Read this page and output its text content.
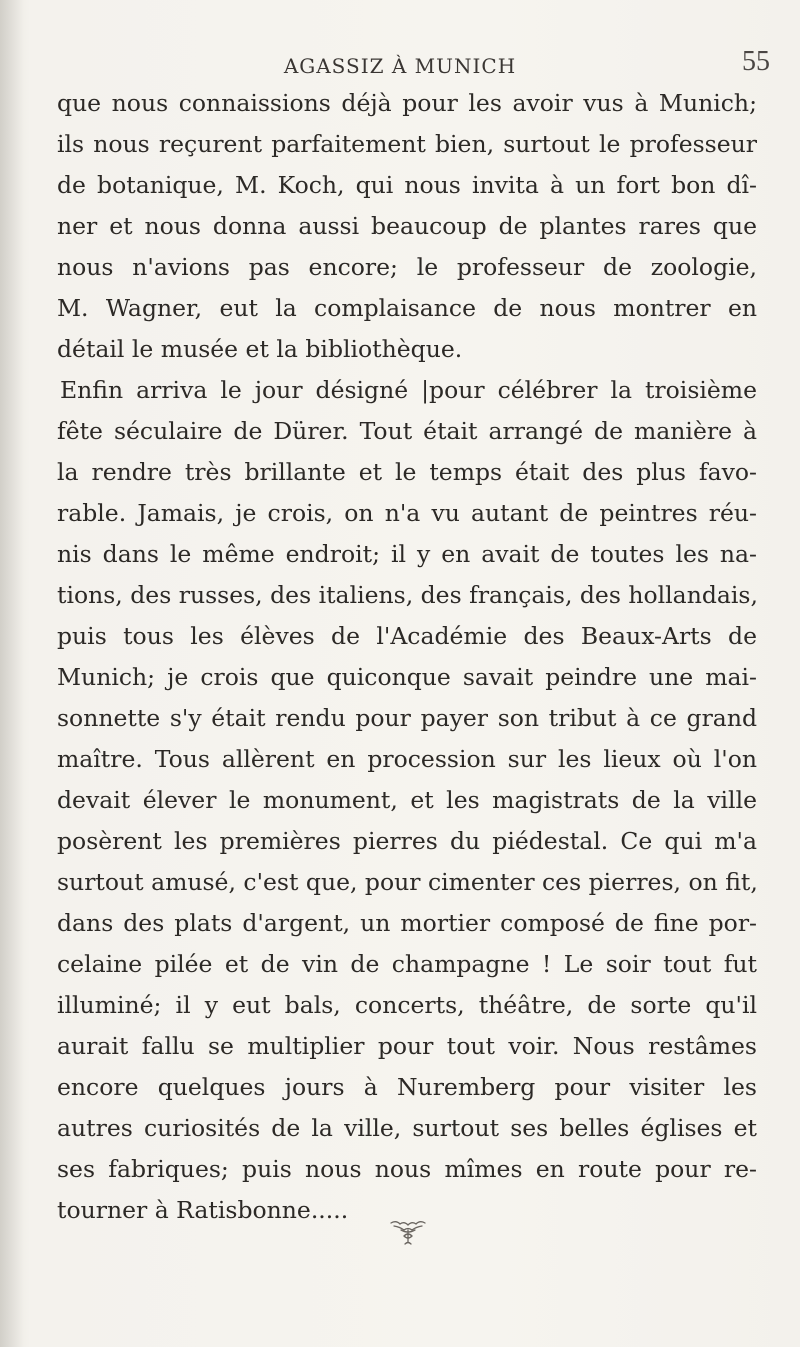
AGASSIZ À MUNICH	55
que nous connaissions déjà pour les avoir vus à Munich;
ils nous reçurent parfaitement bien, surtout le professeur
de botanique, M. Koch, qui nous invita à un fort bon dî-
ner et nous donna aussi beaucoup de plantes rares que
nous n'avions pas encore; le professeur de zoologie,
M. Wagner, eut la complaisance de nous montrer en
détail le musée et la bibliothèque.
Enfin arriva le jour désigné |pour célébrer la troisième
fête séculaire de Dürer. Tout était arrangé de manière à
la rendre très brillante et le temps était des plus favo-
rable. Jamais, je crois, on n'a vu autant de peintres réu-
nis dans le même endroit; il y en avait de toutes les na-
tions, des russes, des italiens, des français, des hollandais,
puis tous les élèves de l'Académie des Beaux-Arts de
Munich; je crois que quiconque savait peindre une mai-
sonnette s'y était rendu pour payer son tribut à ce grand
maître. Tous allèrent en procession sur les lieux où l'on
devait élever le monument, et les magistrats de la ville
posèrent les premières pierres du piédestal. Ce qui m'a
surtout amusé, c'est que, pour cimenter ces pierres, on fit,
dans des plats d'argent, un mortier composé de fine por-
celaine pilée et de vin de champagne ! Le soir tout fut
illuminé; il y eut bals, concerts, théâtre, de sorte qu'il
aurait fallu se multiplier pour tout voir. Nous restâmes
encore quelques jours à Nuremberg pour visiter les
autres curiosités de la ville, surtout ses belles églises et
ses fabriques; puis nous nous mîmes en route pour re-
tourner à Ratisbonne.....
